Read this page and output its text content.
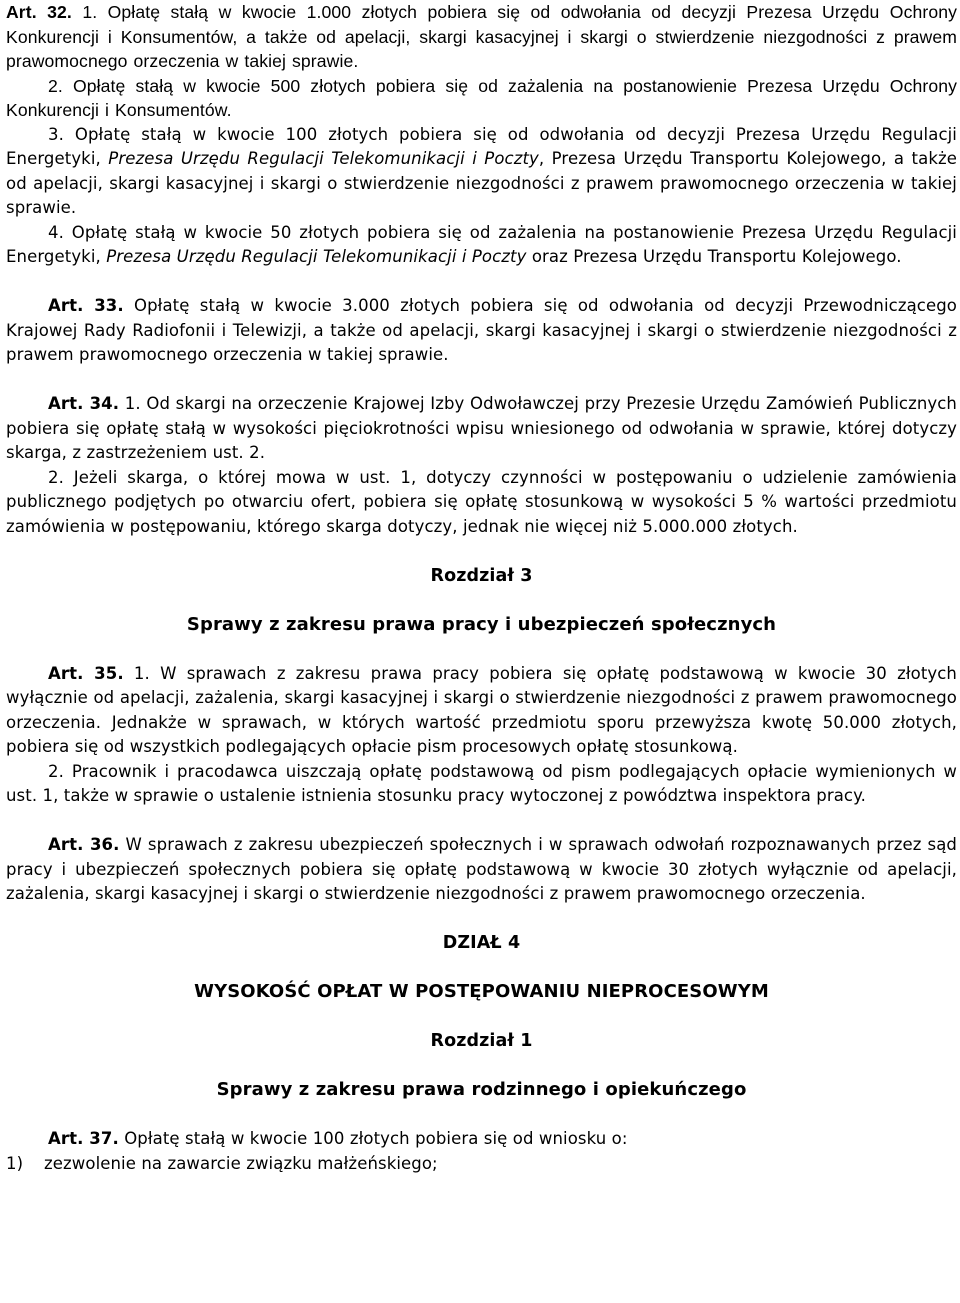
Art. 32. 1. Opłatę stałą w kwocie 1.000 złotych pobiera się od odwołania od decyzji Prezesa Urzędu Ochrony Konkurencji i Konsumentów, a także od apelacji, skargi kasacyjnej i skargi o stwierdzenie niezgodności z prawem prawomocnego orzeczenia w takiej sprawie.

2. Opłatę stałą w kwocie 500 złotych pobiera się od zażalenia na postanowienie Prezesa Urzędu Ochrony Konkurencji i Konsumentów.

3. Opłatę stałą w kwocie 100 złotych pobiera się od odwołania od decyzji Prezesa Urzędu Regulacji Energetyki, Prezesa Urzędu Regulacji Telekomunikacji i Poczty, Prezesa Urzędu Transportu Kolejowego, a także od apelacji, skargi kasacyjnej i skargi o stwierdzenie niezgodności z prawem prawomocnego orzeczenia w takiej sprawie.

4. Opłatę stałą w kwocie 50 złotych pobiera się od zażalenia na postanowienie Prezesa Urzędu Regulacji Energetyki, Prezesa Urzędu Regulacji Telekomunikacji i Poczty oraz Prezesa Urzędu Transportu Kolejowego.

Art. 33. Opłatę stałą w kwocie 3.000 złotych pobiera się od odwołania od decyzji Przewodniczącego Krajowej Rady Radiofonii i Telewizji, a także od apelacji, skargi kasacyjnej i skargi o stwierdzenie niezgodności z prawem prawomocnego orzeczenia w takiej sprawie.

Art. 34. 1. Od skargi na orzeczenie Krajowej Izby Odwoławczej przy Prezesie Urzędu Zamówień Publicznych pobiera się opłatę stałą w wysokości pięciokrotności wpisu wniesionego od odwołania w sprawie, której dotyczy skarga, z zastrzeżeniem ust. 2.

2. Jeżeli skarga, o której mowa w ust. 1, dotyczy czynności w postępowaniu o udzielenie zamówienia publicznego podjętych po otwarciu ofert, pobiera się opłatę stosunkową w wysokości 5 % wartości przedmiotu zamówienia w postępowaniu, którego skarga dotyczy, jednak nie więcej niż 5.000.000 złotych.

Rozdział 3

Sprawy z zakresu prawa pracy i ubezpieczeń społecznych

Art. 35. 1. W sprawach z zakresu prawa pracy pobiera się opłatę podstawową w kwocie 30 złotych wyłącznie od apelacji, zażalenia, skargi kasacyjnej i skargi o stwierdzenie niezgodności z prawem prawomocnego orzeczenia. Jednakże w sprawach, w których wartość przedmiotu sporu przewyższa kwotę 50.000 złotych, pobiera się od wszystkich podlegających opłacie pism procesowych opłatę stosunkową.

2. Pracownik i pracodawca uiszczają opłatę podstawową od pism podlegających opłacie wymienionych w ust. 1, także w sprawie o ustalenie istnienia stosunku pracy wytoczonej z powództwa inspektora pracy.

Art. 36. W sprawach z zakresu ubezpieczeń społecznych i w sprawach odwołań rozpoznawanych przez sąd pracy i ubezpieczeń społecznych pobiera się opłatę podstawową w kwocie 30 złotych wyłącznie od apelacji, zażalenia, skargi kasacyjnej i skargi o stwierdzenie niezgodności z prawem prawomocnego orzeczenia.

DZIAŁ 4

WYSOKOŚĆ OPŁAT W POSTĘPOWANIU NIEPROCESOWYM

Rozdział 1

Sprawy z zakresu prawa rodzinnego i opiekuńczego

Art. 37. Opłatę stałą w kwocie 100 złotych pobiera się od wniosku o:

1)	zezwolenie na zawarcie związku małżeńskiego;
